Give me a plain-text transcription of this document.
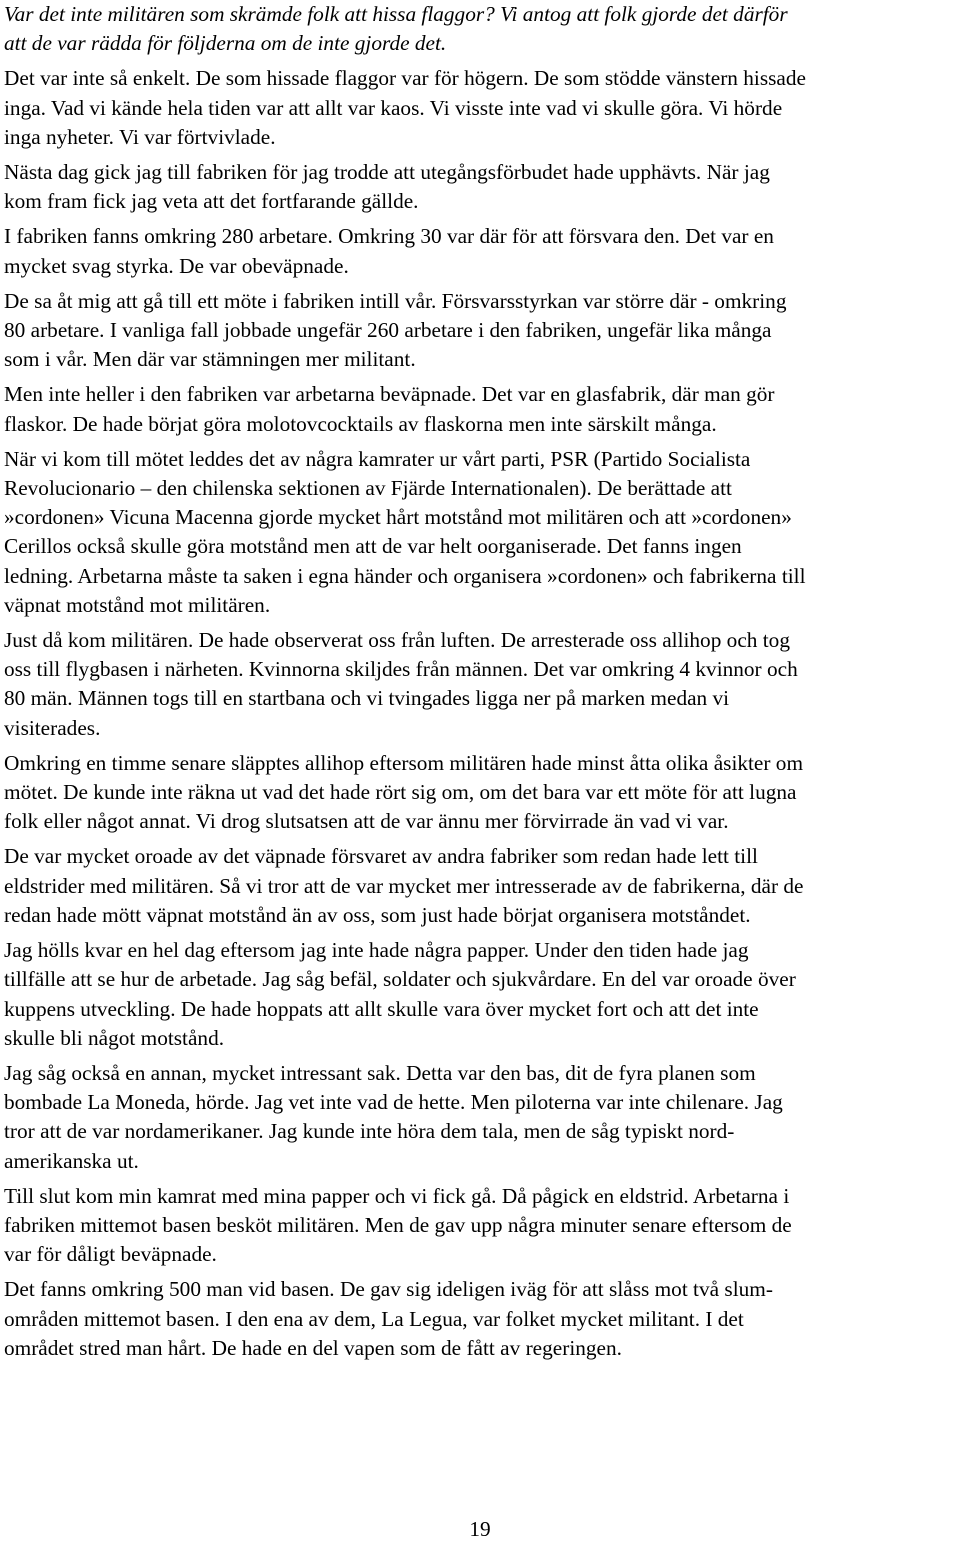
Var det inte militären som skrämde folk att hissa flaggor? Vi antog att folk gjorde det därför
att de var rädda för följderna om de inte gjorde det.

Det var inte så enkelt. De som hissade flaggor var för högern. De som stödde vänstern hissade
inga. Vad vi kände hela tiden var att allt var kaos. Vi visste inte vad vi skulle göra. Vi hörde
inga nyheter. Vi var förtvivlade.

Nästa dag gick jag till fabriken för jag trodde att utegångsförbudet hade upphävts. När jag
kom fram fick jag veta att det fortfarande gällde.

I fabriken fanns omkring 280 arbetare. Omkring 30 var där för att försvara den. Det var en
mycket svag styrka. De var obeväpnade.

De sa åt mig att gå till ett möte i fabriken intill vår. Försvarsstyrkan var större där - omkring
80 arbetare. I vanliga fall jobbade ungefär 260 arbetare i den fabriken, ungefär lika många
som i vår. Men där var stämningen mer militant.

Men inte heller i den fabriken var arbetarna beväpnade. Det var en glasfabrik, där man gör
flaskor. De hade börjat göra molotovcocktails av flaskorna men inte särskilt många.

När vi kom till mötet leddes det av några kamrater ur vårt parti, PSR (Partido Socialista
Revolucionario – den chilenska sektionen av Fjärde Internationalen). De berättade att
»cordonen» Vicuna Macenna gjorde mycket hårt motstånd mot militären och att »cordonen»
Cerillos också skulle göra motstånd men att de var helt oorganiserade. Det fanns ingen
ledning. Arbetarna måste ta saken i egna händer och organisera »cordonen» och fabrikerna till
väpnat motstånd mot militären.

Just då kom militären. De hade observerat oss från luften. De arresterade oss allihop och tog
oss till flygbasen i närheten. Kvinnorna skiljdes från männen. Det var omkring 4 kvinnor och
80 män. Männen togs till en startbana och vi tvingades ligga ner på marken medan vi
visiterades.

Omkring en timme senare släpptes allihop eftersom militären hade minst åtta olika åsikter om
mötet. De kunde inte räkna ut vad det hade rört sig om, om det bara var ett möte för att lugna
folk eller något annat. Vi drog slutsatsen att de var ännu mer förvirrade än vad vi var.

De var mycket oroade av det väpnade försvaret av andra fabriker som redan hade lett till
eldstrider med militären. Så vi tror att de var mycket mer intresserade av de fabrikerna, där de
redan hade mött väpnat motstånd än av oss, som just hade börjat organisera motståndet.

Jag hölls kvar en hel dag eftersom jag inte hade några papper. Under den tiden hade jag
tillfälle att se hur de arbetade. Jag såg befäl, soldater och sjukvårdare. En del var oroade över
kuppens utveckling. De hade hoppats att allt skulle vara över mycket fort och att det inte
skulle bli något motstånd.

Jag såg också en annan, mycket intressant sak. Detta var den bas, dit de fyra planen som
bombade La Moneda, hörde. Jag vet inte vad de hette. Men piloterna var inte chilenare. Jag
tror att de var nordamerikaner. Jag kunde inte höra dem tala, men de såg typiskt nord-
amerikanska ut.

Till slut kom min kamrat med mina papper och vi fick gå. Då pågick en eldstrid. Arbetarna i
fabriken mittemot basen besköt militären. Men de gav upp några minuter senare eftersom de
var för dåligt beväpnade.

Det fanns omkring 500 man vid basen. De gav sig ideligen iväg för att slåss mot två slum-
områden mittemot basen. I den ena av dem, La Legua, var folket mycket militant. I det
området stred man hårt. De hade en del vapen som de fått av regeringen.

19
